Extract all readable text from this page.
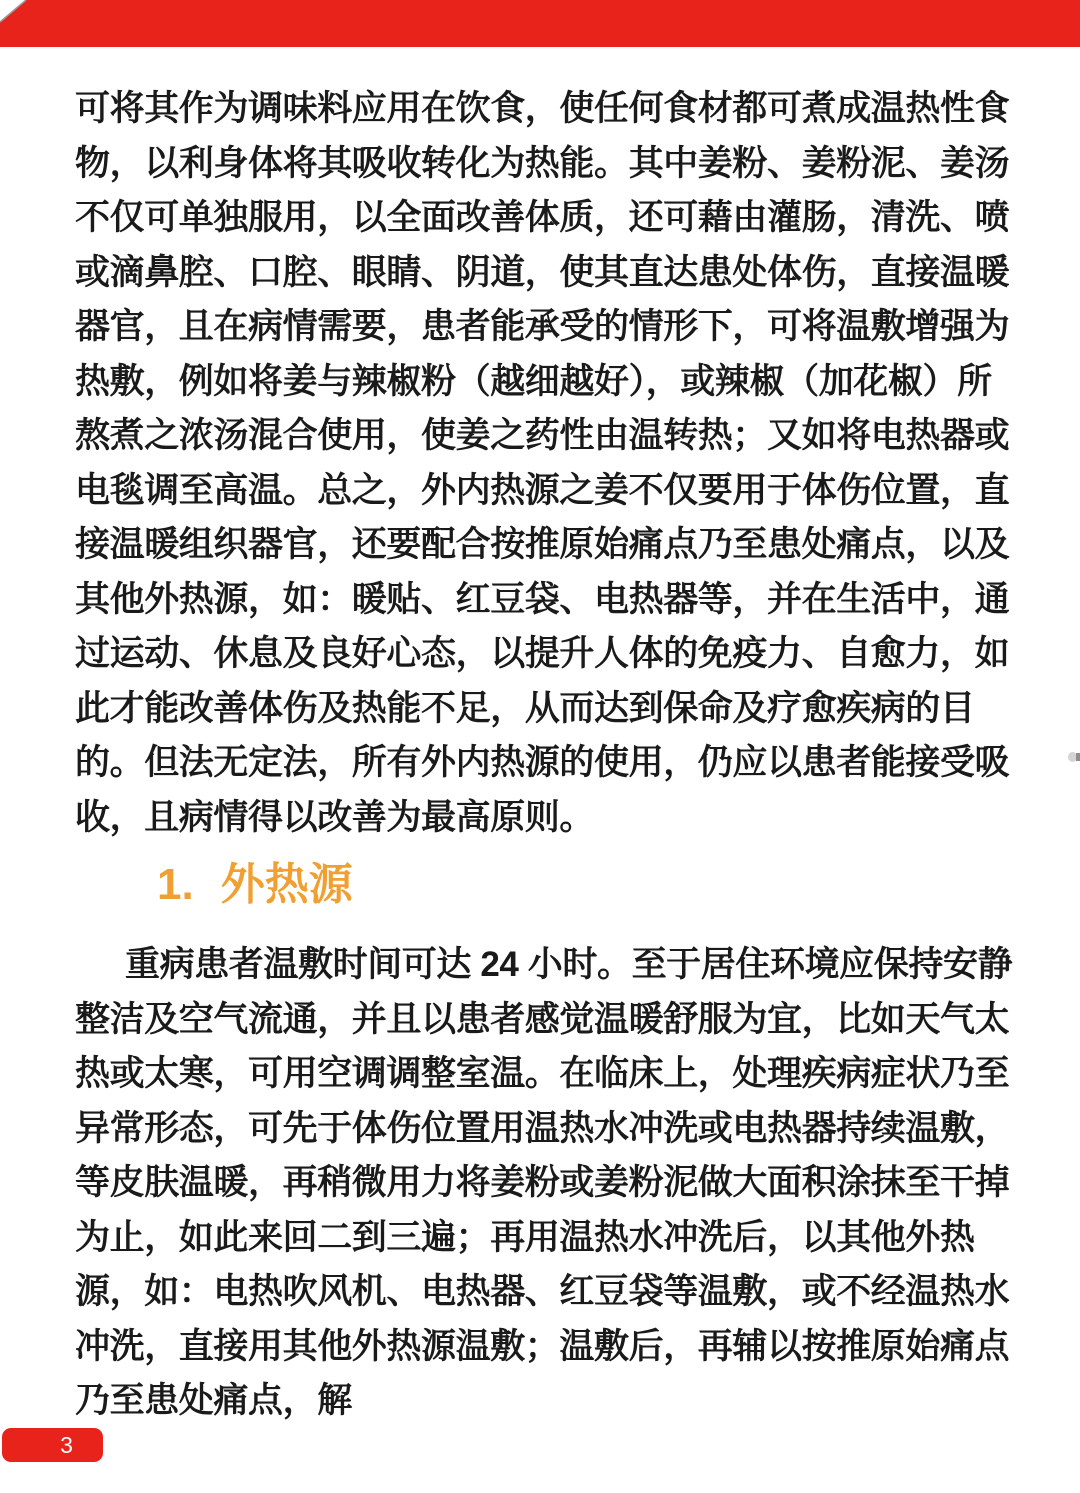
可将其作为调味料应用在饮食，使任何食材都可煮成温热性食
物，以利身体将其吸收转化为热能。其中姜粉、姜粉泥、姜汤
不仅可单独服用，以全面改善体质，还可藉由灌肠，清洗、喷
或滴鼻腔、口腔、眼睛、阴道，使其直达患处体伤，直接温暖
器官，且在病情需要，患者能承受的情形下，可将温敷增强为
热敷，例如将姜与辣椒粉（越细越好），或辣椒（加花椒）所
熬煮之浓汤混合使用，使姜之药性由温转热；又如将电热器或
电毯调至高温。总之，外内热源之姜不仅要用于体伤位置，直
接温暖组织器官，还要配合按推原始痛点乃至患处痛点，以及
其他外热源，如：暖贴、红豆袋、电热器等，并在生活中，通
过运动、休息及良好心态，以提升人体的免疫力、自愈力，如
此才能改善体伤及热能不足，从而达到保命及疗愈疾病的目
的。但法无定法，所有外内热源的使用，仍应以患者能接受吸
收，且病情得以改善为最高原则。
1. 外热源
重病患者温敷时间可达 24 小时。至于居住环境应保持安静
整洁及空气流通，并且以患者感觉温暖舒服为宜，比如天气太
热或太寒，可用空调调整室温。在临床上，处理疾病症状乃至
异常形态，可先于体伤位置用温热水冲洗或电热器持续温敷，
等皮肤温暖，再稍微用力将姜粉或姜粉泥做大面积涂抹至干掉
为止，如此来回二到三遍；再用温热水冲洗后，以其他外热
源，如：电热吹风机、电热器、红豆袋等温敷，或不经温热水
冲洗，直接用其他外热源温敷；温敷后，再辅以按推原始痛点
乃至患处痛点，解
3
